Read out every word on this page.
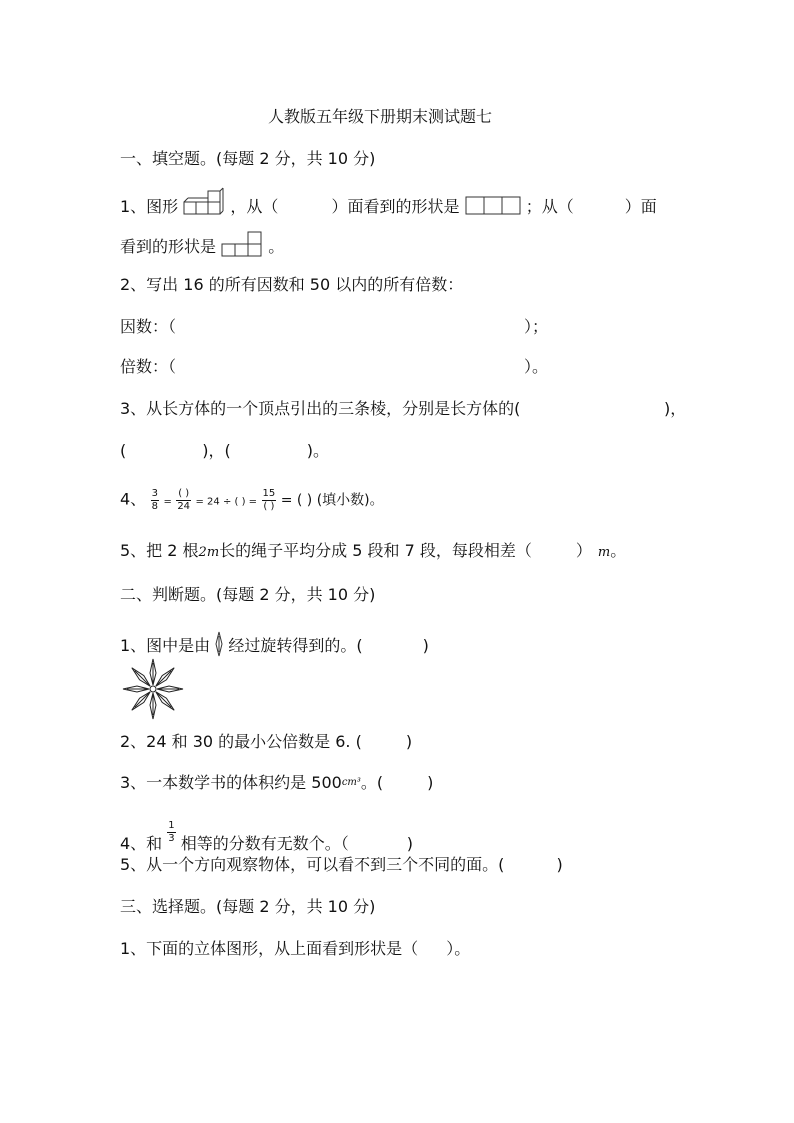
人教版五年级下册期末测试题七
一、填空题。(每题 2 分，共 10 分)
1、图形	，从（	）面看到的形状是	；从（	）面
看到的形状是	。
2、写出 16 的所有因数和 50 以内的所有倍数：
因数：（	）；
倍数：（	）。
3、从长方体的一个顶点引出的三条棱，分别是长方体的(	)，
(	)，(	)。
4、 $\frac{3}{8} = \frac{( )}{24} = 24$ ÷ ( ) = $\frac{15}{( )}$ = ( ) (填小数)。
5、把 2 根2m长的绳子平均分成 5 段和 7 段，每段相差（	） m。
二、判断题。(每题 2 分，共 10 分)
1、图中是由 经过旋转得到的。(	)
2、24 和 30 的最小公倍数是 6. (	)
3、一本数学书的体积约是 500cm³。(	)
4、和 $\frac{1}{3}$ 相等的分数有无数个。（	)
5、从一个方向观察物体，可以看不到三个不同的面。(	)
三、选择题。(每题 2 分，共 10 分)
1、下面的立体图形，从上面看到形状是（ ）。
